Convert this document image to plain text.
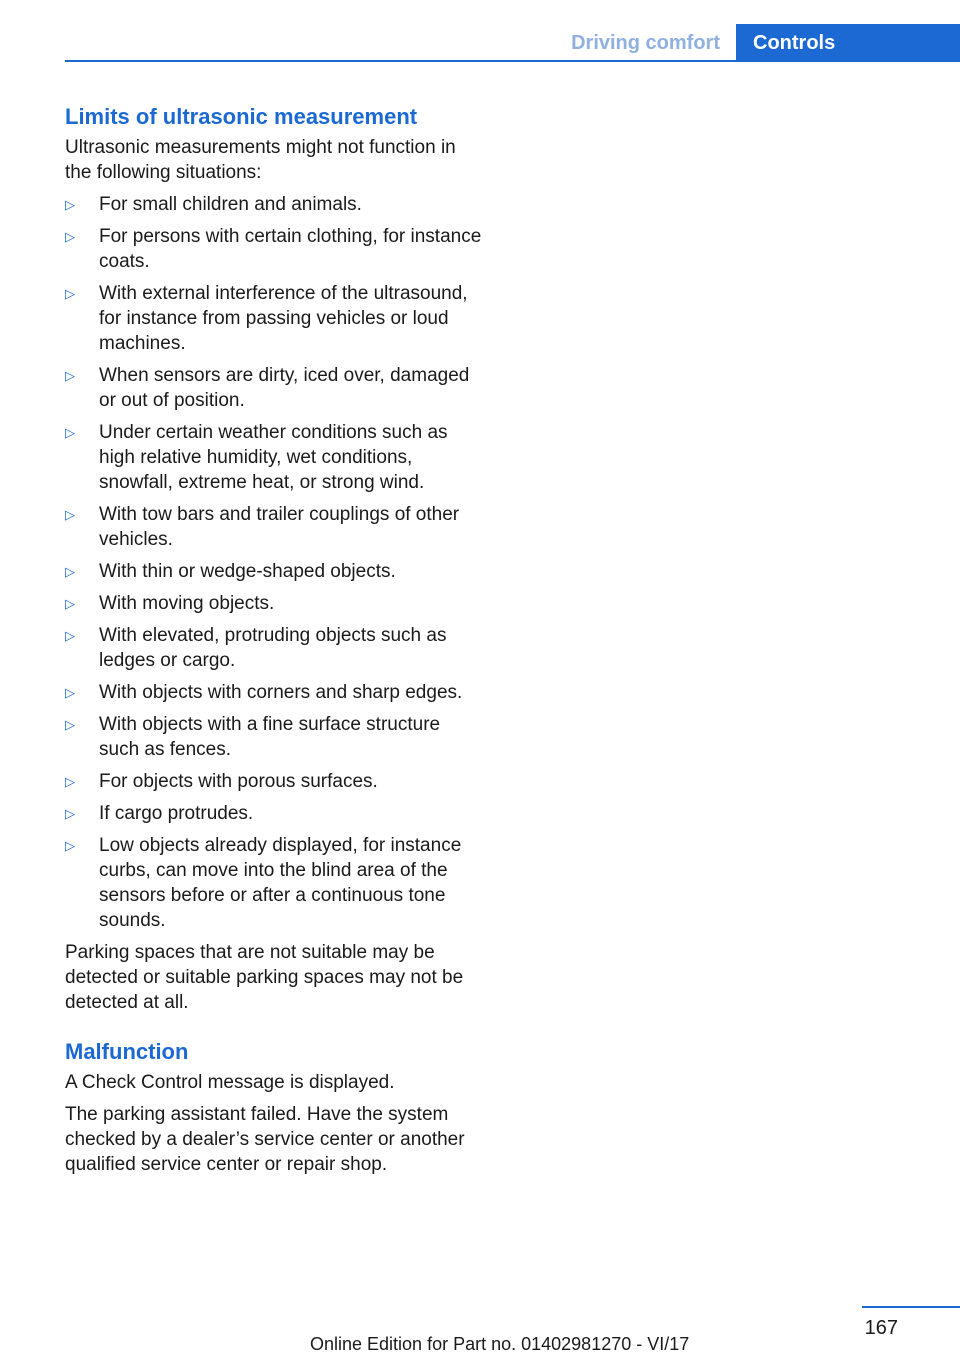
Driving comfort	Controls
Limits of ultrasonic measurement

Ultrasonic measurements might not function in the following situations:

▷ For small children and animals.
▷ For persons with certain clothing, for instance coats.
▷ With external interference of the ultrasound, for instance from passing vehicles or loud machines.
▷ When sensors are dirty, iced over, damaged or out of position.
▷ Under certain weather conditions such as high relative humidity, wet conditions, snowfall, extreme heat, or strong wind.
▷ With tow bars and trailer couplings of other vehicles.
▷ With thin or wedge-shaped objects.
▷ With moving objects.
▷ With elevated, protruding objects such as ledges or cargo.
▷ With objects with corners and sharp edges.
▷ With objects with a fine surface structure such as fences.
▷ For objects with porous surfaces.
▷ If cargo protrudes.
▷ Low objects already displayed, for instance curbs, can move into the blind area of the sensors before or after a continuous tone sounds.

Parking spaces that are not suitable may be detected or suitable parking spaces may not be detected at all.

Malfunction

A Check Control message is displayed.

The parking assistant failed. Have the system checked by a dealer’s service center or another qualified service center or repair shop.

167
Online Edition for Part no. 01402981270 - VI/17
